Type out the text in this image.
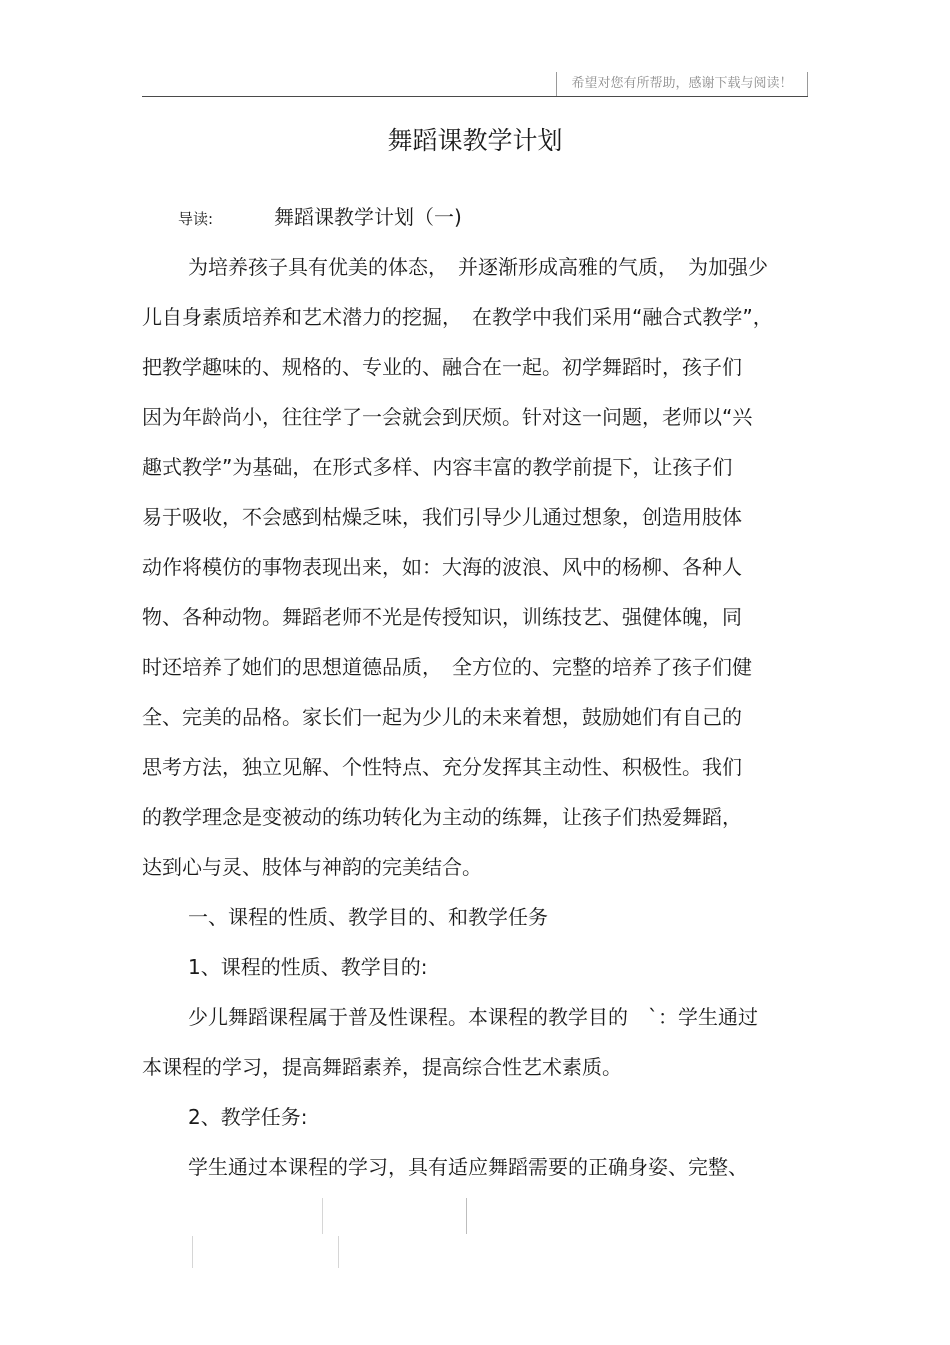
希望对您有所帮助，感谢下载与阅读！
舞蹈课教学计划
导读:	舞蹈课教学计划（一)
为培养孩子具有优美的体态，　并逐渐形成高雅的气质，　为加强少
儿自身素质培养和艺术潜力的挖掘，　在教学中我们采用“融合式教学”，
把教学趣味的、规格的、专业的、融合在一起。初学舞蹈时，孩子们
因为年龄尚小，往往学了一会就会到厌烦。针对这一问题，老师以“兴
趣式教学”为基础，在形式多样、内容丰富的教学前提下，让孩子们
易于吸收，不会感到枯燥乏味，我们引导少儿通过想象，创造用肢体
动作将模仿的事物表现出来，如：大海的波浪、风中的杨柳、各种人
物、各种动物。舞蹈老师不光是传授知识，训练技艺、强健体魄，同
时还培养了她们的思想道德品质，　全方位的、完整的培养了孩子们健
全、完美的品格。家长们一起为少儿的未来着想，鼓励她们有自己的
思考方法，独立见解、个性特点、充分发挥其主动性、积极性。我们
的教学理念是变被动的练功转化为主动的练舞，让孩子们热爱舞蹈，
达到心与灵、肢体与神韵的完美结合。
一、课程的性质、教学目的、和教学任务
1、课程的性质、教学目的:
少儿舞蹈课程属于普及性课程。本课程的教学目的　`：学生通过
本课程的学习，提高舞蹈素养，提高综合性艺术素质。
2、教学任务:
学生通过本课程的学习，具有适应舞蹈需要的正确身姿、完整、
